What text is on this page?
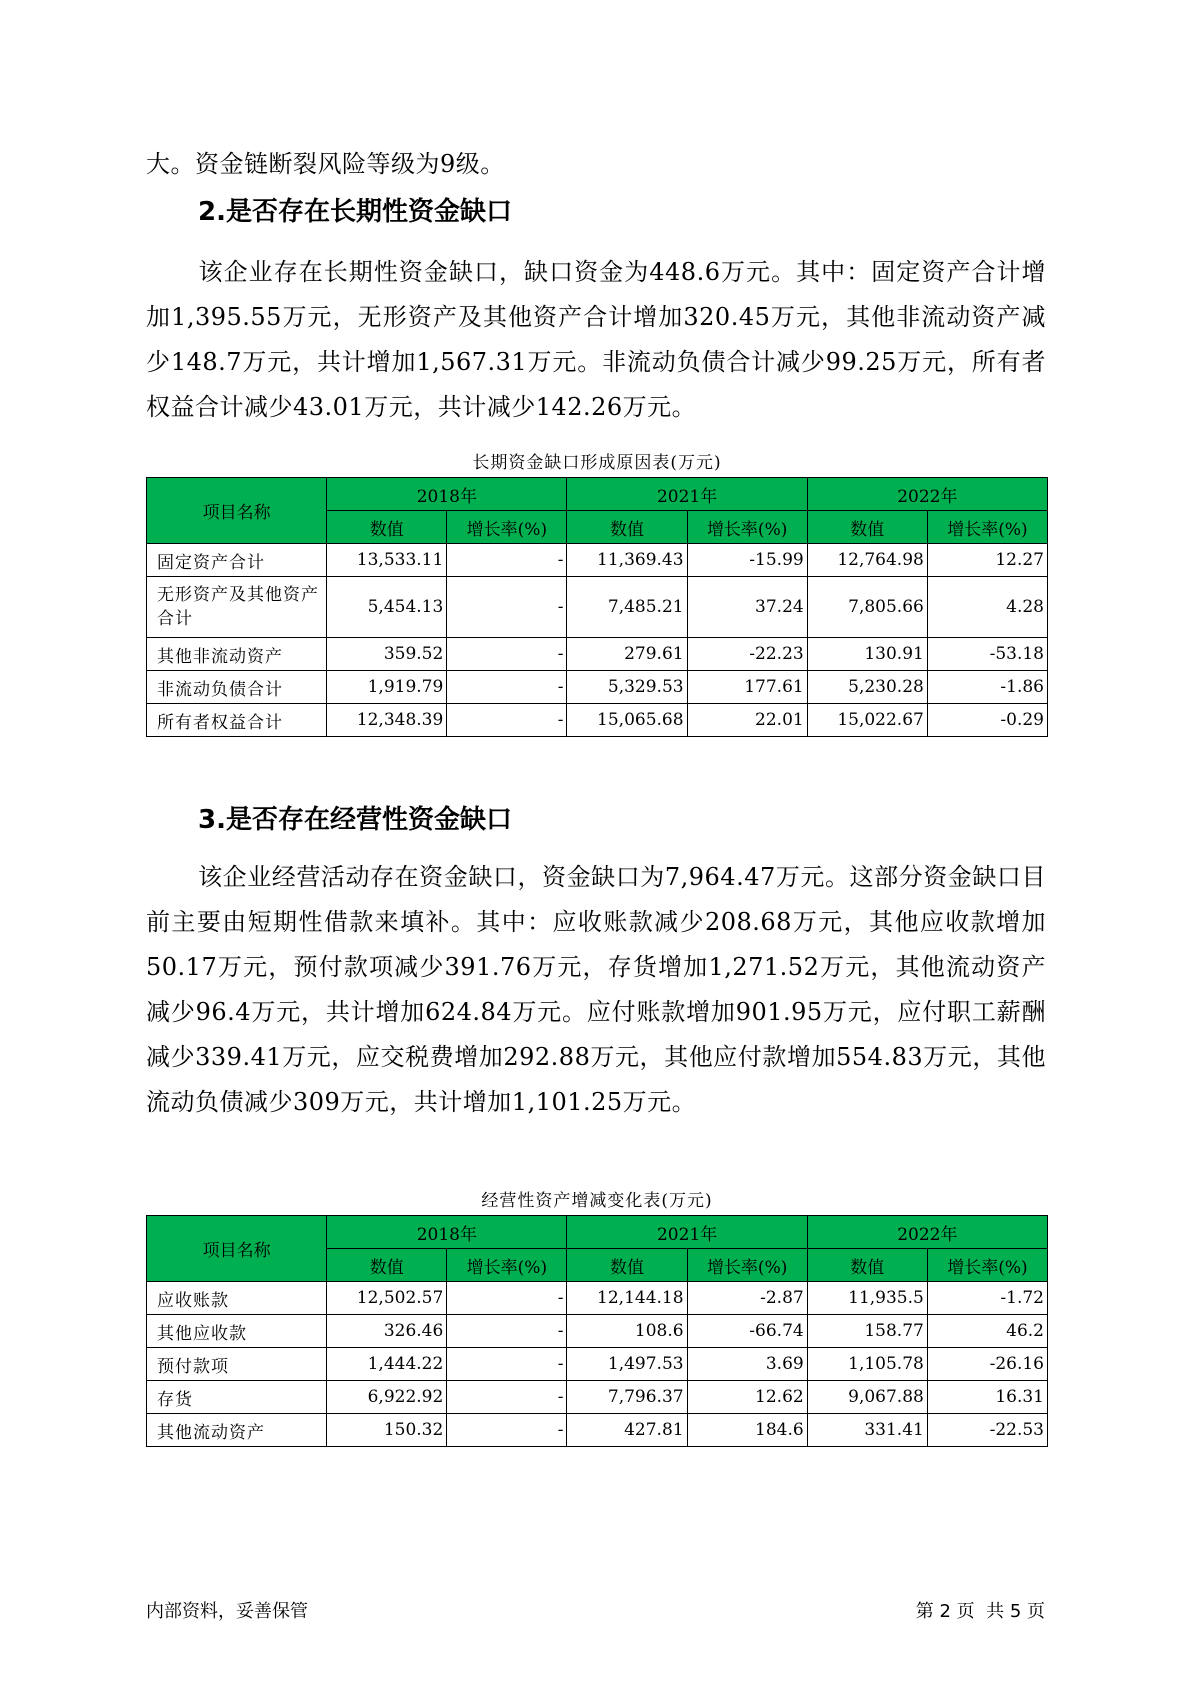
大。资金链断裂风险等级为9级。
2.是否存在长期性资金缺口
该企业存在长期性资金缺口，缺口资金为448.6万元。其中：固定资产合计增加1,395.55万元，无形资产及其他资产合计增加320.45万元，其他非流动资产减少148.7万元，共计增加1,567.31万元。非流动负债合计减少99.25万元，所有者权益合计减少43.01万元，共计减少142.26万元。
长期资金缺口形成原因表(万元)
项目名称	2018年		2021年		2022年	
	数值	增长率(%)	数值	增长率(%)	数值	增长率(%)
固定资产合计	13,533.11	-	11,369.43	-15.99	12,764.98	12.27
无形资产及其他资产合计	5,454.13	-	7,485.21	37.24	7,805.66	4.28
其他非流动资产	359.52	-	279.61	-22.23	130.91	-53.18
非流动负债合计	1,919.79	-	5,329.53	177.61	5,230.28	-1.86
所有者权益合计	12,348.39	-	15,065.68	22.01	15,022.67	-0.29
3.是否存在经营性资金缺口
该企业经营活动存在资金缺口，资金缺口为7,964.47万元。这部分资金缺口目前主要由短期性借款来填补。其中：应收账款减少208.68万元，其他应收款增加50.17万元，预付款项减少391.76万元，存货增加1,271.52万元，其他流动资产减少96.4万元，共计增加624.84万元。应付账款增加901.95万元，应付职工薪酬减少339.41万元，应交税费增加292.88万元，其他应付款增加554.83万元，其他流动负债减少309万元，共计增加1,101.25万元。
经营性资产增减变化表(万元)
项目名称	2018年		2021年		2022年	
	数值	增长率(%)	数值	增长率(%)	数值	增长率(%)
应收账款	12,502.57	-	12,144.18	-2.87	11,935.5	-1.72
其他应收款	326.46	-	108.6	-66.74	158.77	46.2
预付款项	1,444.22	-	1,497.53	3.69	1,105.78	-26.16
存货	6,922.92	-	7,796.37	12.62	9,067.88	16.31
其他流动资产	150.32	-	427.81	184.6	331.41	-22.53
内部资料，妥善保管	第 2 页  共 5 页
